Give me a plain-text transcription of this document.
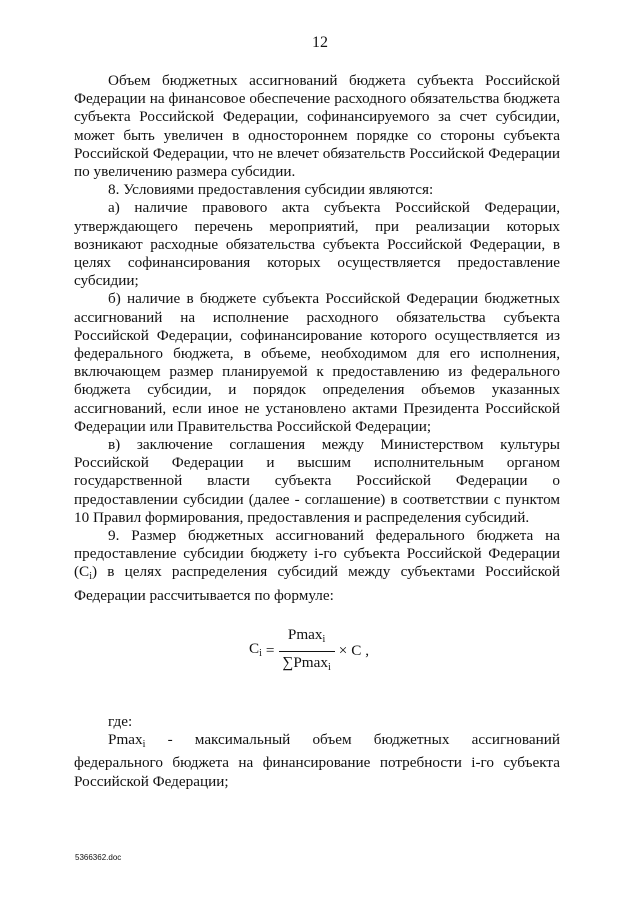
12

Объем бюджетных ассигнований бюджета субъекта Российской Федерации на финансовое обеспечение расходного обязательства бюджета субъекта Российской Федерации, софинансируемого за счет субсидии, может быть увеличен в одностороннем порядке со стороны субъекта Российской Федерации, что не влечет обязательств Российской Федерации по увеличению размера субсидии.

8. Условиями предоставления субсидии являются:

а) наличие правового акта субъекта Российской Федерации, утверждающего перечень мероприятий, при реализации которых возникают расходные обязательства субъекта Российской Федерации, в целях софинансирования которых осуществляется предоставление субсидии;

б) наличие в бюджете субъекта Российской Федерации бюджетных ассигнований на исполнение расходного обязательства субъекта Российской Федерации, софинансирование которого осуществляется из федерального бюджета, в объеме, необходимом для его исполнения, включающем размер планируемой к предоставлению из федерального бюджета субсидии, и порядок определения объемов указанных ассигнований, если иное не установлено актами Президента Российской Федерации или Правительства Российской Федерации;

в) заключение соглашения между Министерством культуры Российской Федерации и высшим исполнительным органом государственной власти субъекта Российской Федерации о предоставлении субсидии (далее - соглашение) в соответствии с пунктом 10 Правил формирования, предоставления и распределения субсидий.

9. Размер бюджетных ассигнований федерального бюджета на предоставление субсидии бюджету i-го субъекта Российской Федерации $(C_i)$ в целях распределения субсидий между субъектами Российской Федерации рассчитывается по формуле:

$C_i = \frac{Pmax_i}{\sum Pmax_i} \times C$ ,

где:

Pmax$_i$ - максимальный объем бюджетных ассигнований федерального бюджета на финансирование потребности i-го субъекта Российской Федерации;

5366362.doc
